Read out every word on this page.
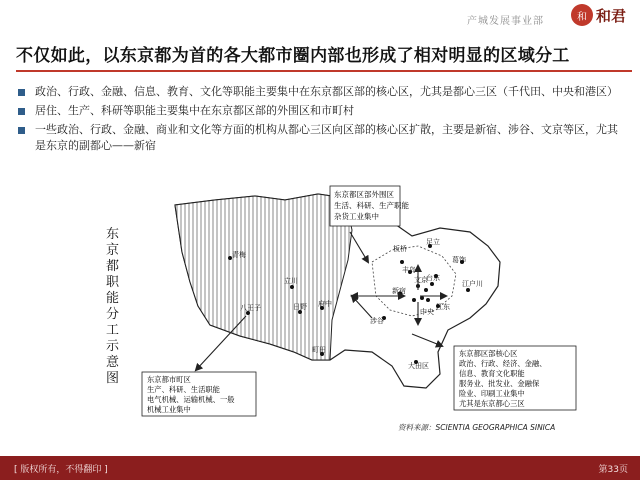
产城发展事业部	和 和君
不仅如此，以东京都为首的各大都市圈内部也形成了相对明显的区域分工
政治、行政、金融、信息、教育、文化等职能主要集中在东京都区部的核心区，尤其是都心三区（千代田、中央和港区）
居住、生产、科研等职能主要集中在东京都区部的外围区和市町村
一些政治、行政、金融、商业和文化等方面的机构从都心三区向区部的核心区扩散，主要是新宿、涉谷、文京等区，尤其是东京的副都心——新宿
东
京
都
职
能
分
工
示
意
图
青梅
立川
八王子	日野 府中
町田
板桥
足立
葛饰
江户川
丰岛
台东
文京
新宿
江东
中央
涉谷
大田区
东京都区部外围区
生活、科研、生产职能
杂货工业集中
东京都区部核心区
政治、行政、经济、金融、
信息、教育文化职能
服务业、批发业、金融保
险业、印刷工业集中
尤其是东京都心三区
东京都市町区
生产、科研、生活职能
电气机械、运输机械、一般
机械工业集中
资料来源：SCIENTIA GEOGRAPHICA SINICA
[ 版权所有，不得翻印 ]	第33页
